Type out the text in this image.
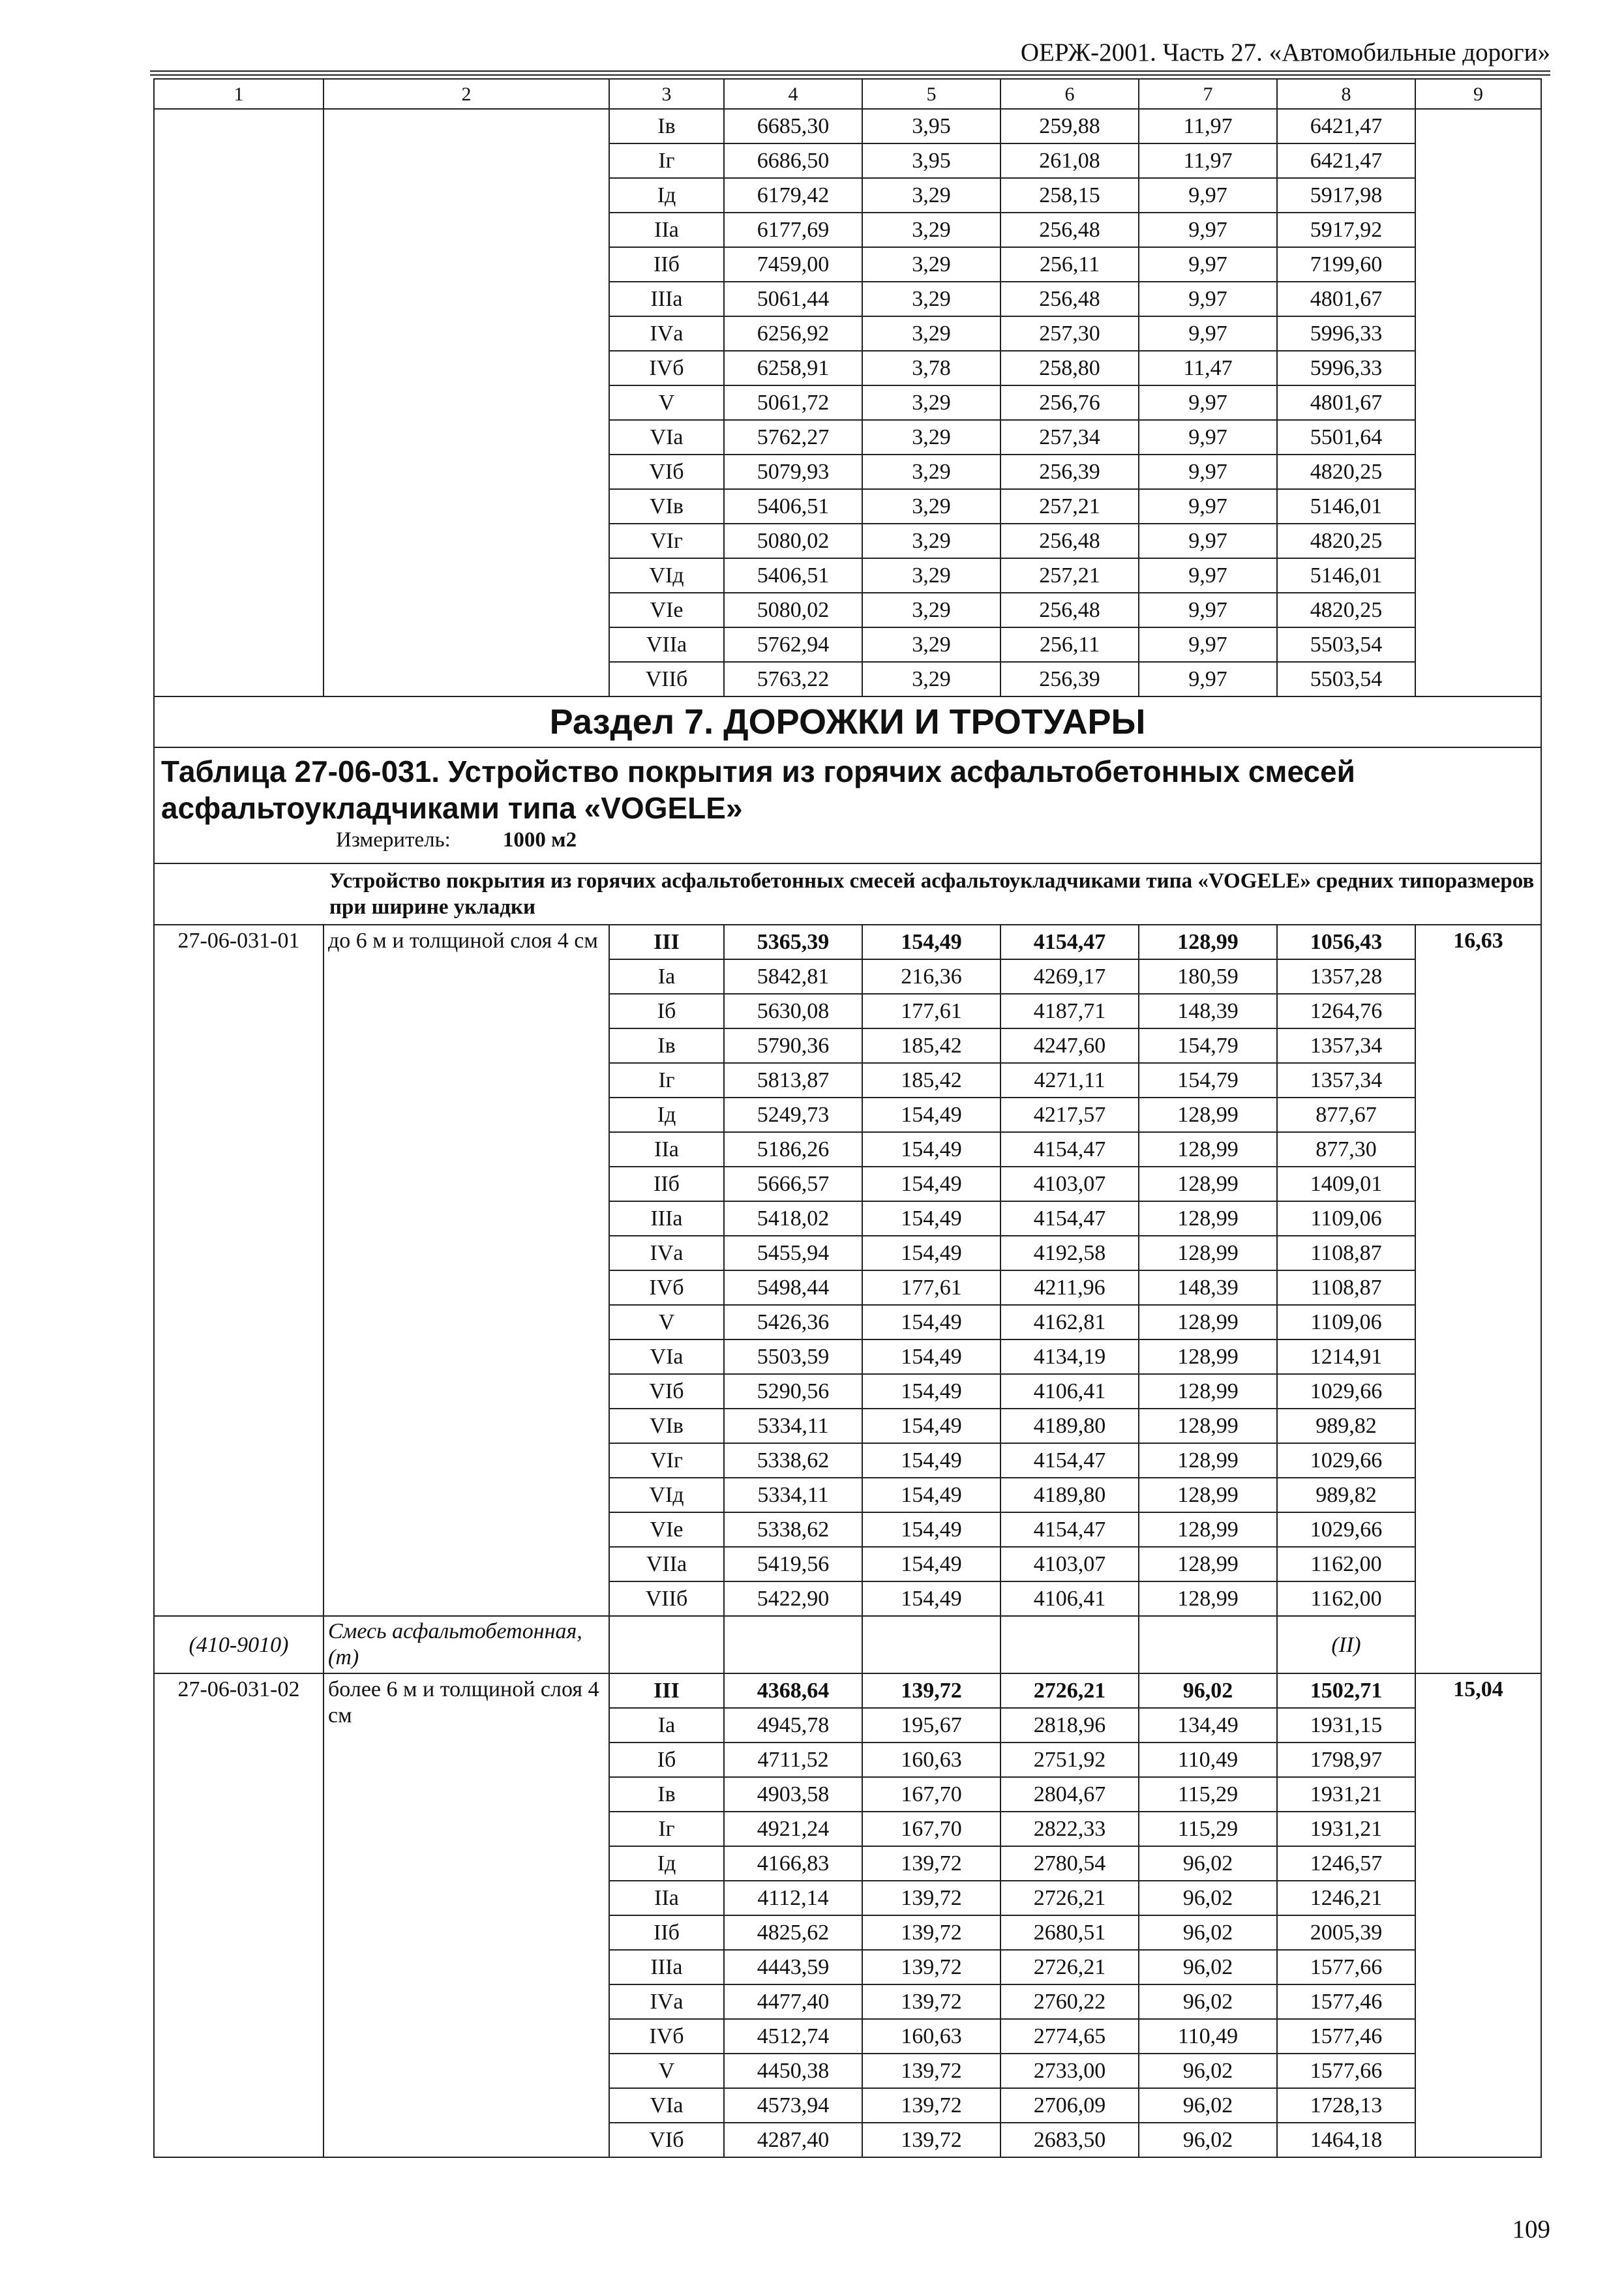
ОЕРЖ-2001. Часть 27. «Автомобильные дороги»
1	2	3	4	5	6	7	8	9
		Iв	6685,30	3,95	259,88	11,97	6421,47	
		Iг	6686,50	3,95	261,08	11,97	6421,47	
		Iд	6179,42	3,29	258,15	9,97	5917,98	
		IIа	6177,69	3,29	256,48	9,97	5917,92	
		IIб	7459,00	3,29	256,11	9,97	7199,60	
		IIIа	5061,44	3,29	256,48	9,97	4801,67	
		IVа	6256,92	3,29	257,30	9,97	5996,33	
		IVб	6258,91	3,78	258,80	11,47	5996,33	
		V	5061,72	3,29	256,76	9,97	4801,67	
		VIа	5762,27	3,29	257,34	9,97	5501,64	
		VIб	5079,93	3,29	256,39	9,97	4820,25	
		VIв	5406,51	3,29	257,21	9,97	5146,01	
		VIг	5080,02	3,29	256,48	9,97	4820,25	
		VIд	5406,51	3,29	257,21	9,97	5146,01	
		VIе	5080,02	3,29	256,48	9,97	4820,25	
		VIIа	5762,94	3,29	256,11	9,97	5503,54	
		VIIб	5763,22	3,29	256,39	9,97	5503,54	
Раздел 7. ДОРОЖКИ И ТРОТУАРЫ								

Таблица 27-06-031. Устройство покрытия из горячих асфальтобетонных смесей асфальтоукладчиками типа «VOGELE»
Измеритель: 1000 м2								

Устройство покрытия из горячих асфальтобетонных смесей асфальтоукладчиками типа «VOGELE» средних типоразмеров при ширине укладки								
27-06-031-01	до 6 м и толщиной слоя 4 см	III	5365,39	154,49	4154,47	128,99	1056,43	16,63
		Iа	5842,81	216,36	4269,17	180,59	1357,28	
		Iб	5630,08	177,61	4187,71	148,39	1264,76	
		Iв	5790,36	185,42	4247,60	154,79	1357,34	
		Iг	5813,87	185,42	4271,11	154,79	1357,34	
		Iд	5249,73	154,49	4217,57	128,99	877,67	
		IIа	5186,26	154,49	4154,47	128,99	877,30	
		IIб	5666,57	154,49	4103,07	128,99	1409,01	
		IIIа	5418,02	154,49	4154,47	128,99	1109,06	
		IVа	5455,94	154,49	4192,58	128,99	1108,87	
		IVб	5498,44	177,61	4211,96	148,39	1108,87	
		V	5426,36	154,49	4162,81	128,99	1109,06	
		VIа	5503,59	154,49	4134,19	128,99	1214,91	
		VIб	5290,56	154,49	4106,41	128,99	1029,66	
		VIв	5334,11	154,49	4189,80	128,99	989,82	
		VIг	5338,62	154,49	4154,47	128,99	1029,66	
		VIд	5334,11	154,49	4189,80	128,99	989,82	
		VIе	5338,62	154,49	4154,47	128,99	1029,66	
		VIIа	5419,56	154,49	4103,07	128,99	1162,00	
		VIIб	5422,90	154,49	4106,41	128,99	1162,00	
(410-9010)	Смесь асфальтобетонная, (т)						(II)	
27-06-031-02	более 6 м и толщиной слоя 4 см	III	4368,64	139,72	2726,21	96,02	1502,71	15,04
		Iа	4945,78	195,67	2818,96	134,49	1931,15	
		Iб	4711,52	160,63	2751,92	110,49	1798,97	
		Iв	4903,58	167,70	2804,67	115,29	1931,21	
		Iг	4921,24	167,70	2822,33	115,29	1931,21	
		Iд	4166,83	139,72	2780,54	96,02	1246,57	
		IIа	4112,14	139,72	2726,21	96,02	1246,21	
		IIб	4825,62	139,72	2680,51	96,02	2005,39	
		IIIа	4443,59	139,72	2726,21	96,02	1577,66	
		IVа	4477,40	139,72	2760,22	96,02	1577,46	
		IVб	4512,74	160,63	2774,65	110,49	1577,46	
		V	4450,38	139,72	2733,00	96,02	1577,66	
		VIа	4573,94	139,72	2706,09	96,02	1728,13	
		VIб	4287,40	139,72	2683,50	96,02	1464,18	
109
